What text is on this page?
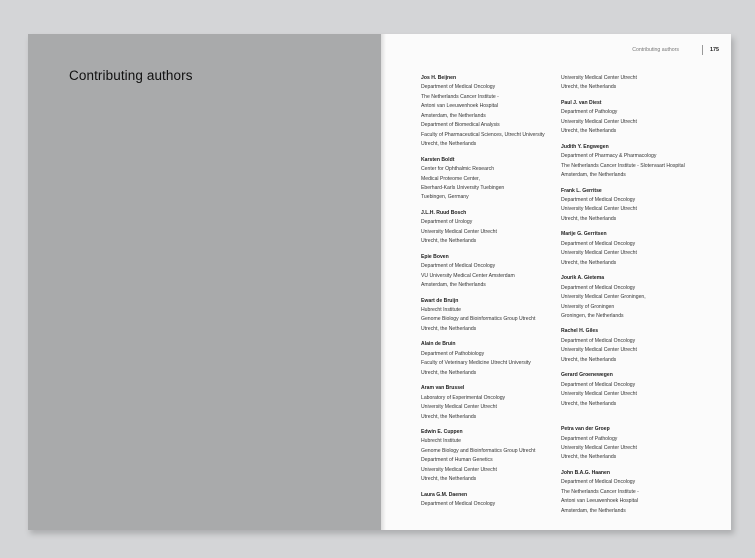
Contributing authors
Contributing authors	175
Jos H. Beijnen
Department of Medical Oncology
The Netherlands Cancer Institute -
Antoni van Leeuwenhoek Hospital
Amsterdam, the Netherlands
Department of Biomedical Analysis
Faculty of Pharmaceutical Sciences, Utrecht University
Utrecht, the Netherlands
Karsten Boldt
Center for Ophthalmic Research
Medical Proteome Center,
Eberhard-Karls University Tuebingen
Tuebingen, Germany
J.L.H. Ruud Bosch
Department of Urology
University Medical Center Utrecht
Utrecht, the Netherlands
Epie Boven
Department of Medical Oncology
VU University Medical Center Amsterdam
Amsterdam, the Netherlands
Ewart de Bruijn
Hubrecht Institute
Genome Biology and Bioinformatics Group Utrecht
Utrecht, the Netherlands
Alain de Bruin
Department of Pathobiology
Faculty of Veterinary Medicine Utrecht University
Utrecht, the Netherlands
Aram van Brussel
Laboratory of Experimental Oncology
University Medical Center Utrecht
Utrecht, the Netherlands
Edwin E. Cuppen
Hubrecht Institute
Genome Biology and Bioinformatics Group Utrecht
Department of Human Genetics
University Medical Center Utrecht
Utrecht, the Netherlands
Laura G.M. Daenen
Department of Medical Oncology
University Medical Center Utrecht
Utrecht, the Netherlands
Paul J. van Diest
Department of Pathology
University Medical Center Utrecht
Utrecht, the Netherlands
Judith Y. Engwegen
Department of Pharmacy & Pharmacology
The Netherlands Cancer Institute - Slotervaart Hospital
Amsterdam, the Netherlands
Frank L. Gerritse
Department of Medical Oncology
University Medical Center Utrecht
Utrecht, the Netherlands
Marije G. Gerritsen
Department of Medical Oncology
University Medical Center Utrecht
Utrecht, the Netherlands
Jourik A. Gietema
Department of Medical Oncology
University Medical Center Groningen,
University of Groningen
Groningen, the Netherlands
Rachel H. Giles
Department of Medical Oncology
University Medical Center Utrecht
Utrecht, the Netherlands
Gerard Groenewegen
Department of Medical Oncology
University Medical Center Utrecht
Utrecht, the Netherlands
Petra van der Groep
Department of Pathology
University Medical Center Utrecht
Utrecht, the Netherlands
John B.A.G. Haanen
Department of Medical Oncology
The Netherlands Cancer Institute -
Antoni van Leeuwenhoek Hospital
Amsterdam, the Netherlands
